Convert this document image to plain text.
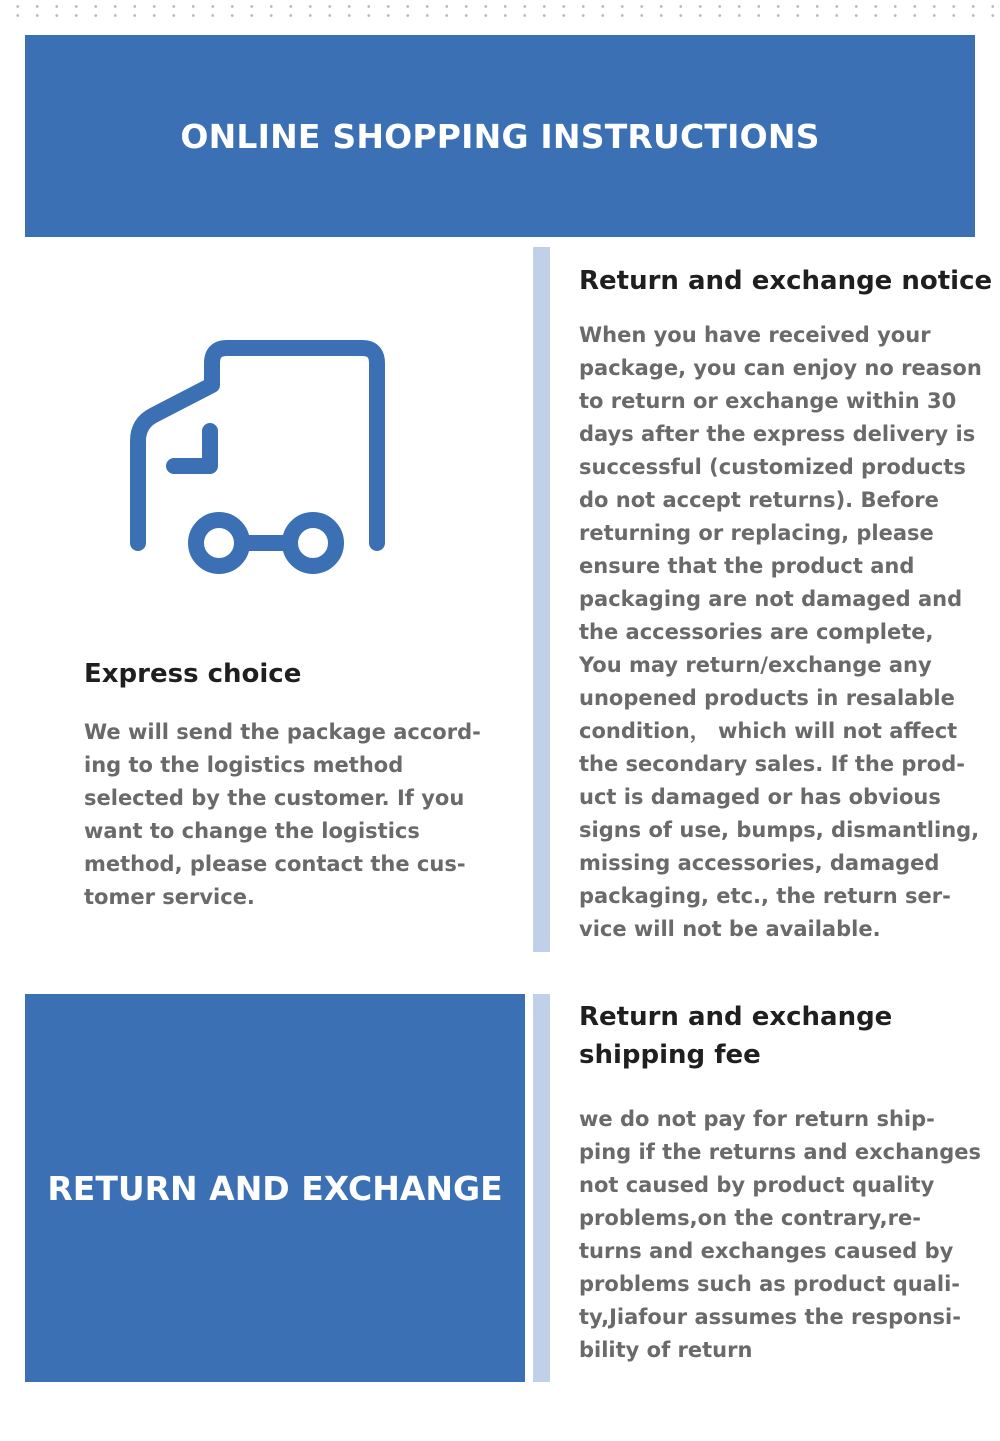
ONLINE SHOPPING INSTRUCTIONS
Express choice
We will send the package accord-
ing to the logistics method
selected by the customer. If you
want to change the logistics
method, please contact the cus-
tomer service.
Return and exchange notice
When you have received your
package, you can enjoy no reason
to return or exchange within 30
days after the express delivery is
successful (customized products
do not accept returns). Before
returning or replacing, please
ensure that the product and
packaging are not damaged and
the accessories are complete,
You may return/exchange any
unopened products in resalable
condition， which will not affect
the secondary sales. If the prod-
uct is damaged or has obvious
signs of use, bumps, dismantling,
missing accessories, damaged
packaging, etc., the return ser-
vice will not be available.
RETURN AND EXCHANGE
Return and exchange
shipping fee
we do not pay for return ship-
ping if the returns and exchanges
not caused by product quality
problems,on the contrary,re-
turns and exchanges caused by
problems such as product quali-
ty,Jiafour assumes the responsi-
bility of return
